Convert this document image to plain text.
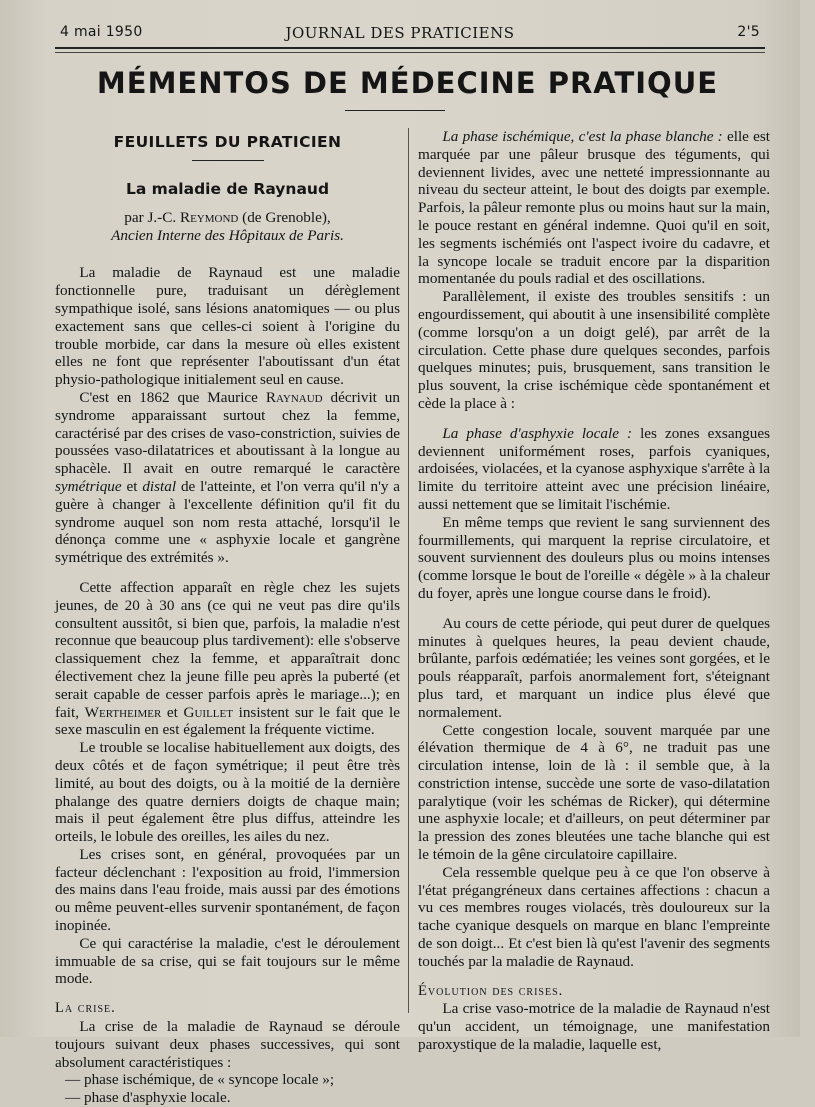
4 mai 1950	JOURNAL DES PRATICIENS	2'5
MÉMENTOS DE MÉDECINE PRATIQUE
FEUILLETS DU PRATICIEN
La maladie de Raynaud
par J.-C. Reymond (de Grenoble),
Ancien Interne des Hôpitaux de Paris.

La maladie de Raynaud est une maladie fonctionnelle pure, traduisant un dérèglement sympathique isolé, sans lésions anatomiques — ou plus exactement sans que celles-ci soient à l'origine du trouble morbide, car dans la mesure où elles existent elles ne font que représenter l'aboutissant d'un état physio-pathologique initialement seul en cause.

C'est en 1862 que Maurice Raynaud décrivit un syndrome apparaissant surtout chez la femme, caractérisé par des crises de vaso-constriction, suivies de poussées vaso-dilatatrices et aboutissant à la longue au sphacèle. Il avait en outre remarqué le caractère symétrique et distal de l'atteinte, et l'on verra qu'il n'y a guère à changer à l'excellente définition qu'il fit du syndrome auquel son nom resta attaché, lorsqu'il le dénonça comme une « asphyxie locale et gangrène symétrique des extrémités ».

Cette affection apparaît en règle chez les sujets jeunes, de 20 à 30 ans (ce qui ne veut pas dire qu'ils consultent aussitôt, si bien que, parfois, la maladie n'est reconnue que beaucoup plus tardivement): elle s'observe classiquement chez la femme, et apparaîtrait donc électivement chez la jeune fille peu après la puberté (et serait capable de cesser parfois après le mariage...); en fait, Wertheimer et Guillet insistent sur le fait que le sexe masculin en est également la fréquente victime.

Le trouble se localise habituellement aux doigts, des deux côtés et de façon symétrique; il peut être très limité, au bout des doigts, ou à la moitié de la dernière phalange des quatre derniers doigts de chaque main; mais il peut également être plus diffus, atteindre les orteils, le lobule des oreilles, les ailes du nez.

Les crises sont, en général, provoquées par un facteur déclenchant : l'exposition au froid, l'immersion des mains dans l'eau froide, mais aussi par des émotions ou même peuvent-elles survenir spontanément, de façon inopinée.

Ce qui caractérise la maladie, c'est le déroulement immuable de sa crise, qui se fait toujours sur le même mode.

La crise.

La crise de la maladie de Raynaud se déroule toujours suivant deux phases successives, qui sont absolument caractéristiques :

— phase ischémique, de « syncope locale »;
— phase d'asphyxie locale.

La phase ischémique, c'est la phase blanche : elle est marquée par une pâleur brusque des téguments, qui deviennent livides, avec une netteté impressionnante au niveau du secteur atteint, le bout des doigts par exemple. Parfois, la pâleur remonte plus ou moins haut sur la main, le pouce restant en général indemne. Quoi qu'il en soit, les segments ischémiés ont l'aspect ivoire du cadavre, et la syncope locale se traduit encore par la disparition momentanée du pouls radial et des oscillations.

Parallèlement, il existe des troubles sensitifs : un engourdissement, qui aboutit à une insensibilité complète (comme lorsqu'on a un doigt gelé), par arrêt de la circulation. Cette phase dure quelques secondes, parfois quelques minutes; puis, brusquement, sans transition le plus souvent, la crise ischémique cède spontanément et cède la place à :

La phase d'asphyxie locale : les zones exsangues deviennent uniformément roses, parfois cyaniques, ardoisées, violacées, et la cyanose asphyxique s'arrête à la limite du territoire atteint avec une précision linéaire, aussi nettement que se limitait l'ischémie.

En même temps que revient le sang surviennent des fourmillements, qui marquent la reprise circulatoire, et souvent surviennent des douleurs plus ou moins intenses (comme lorsque le bout de l'oreille « dégèle » à la chaleur du foyer, après une longue course dans le froid).

Au cours de cette période, qui peut durer de quelques minutes à quelques heures, la peau devient chaude, brûlante, parfois œdématiée; les veines sont gorgées, et le pouls réapparaît, parfois anormalement fort, s'éteignant plus tard, et marquant un indice plus élevé que normalement.

Cette congestion locale, souvent marquée par une élévation thermique de 4 à 6°, ne traduit pas une circulation intense, loin de là : il semble que, à la constriction intense, succède une sorte de vaso-dilatation paralytique (voir les schémas de Ricker), qui détermine une asphyxie locale; et d'ailleurs, on peut déterminer par la pression des zones bleutées une tache blanche qui est le témoin de la gêne circulatoire capillaire.

Cela ressemble quelque peu à ce que l'on observe à l'état prégangréneux dans certaines affections : chacun a vu ces membres rouges violacés, très douloureux sur la tache cyanique desquels on marque en blanc l'empreinte de son doigt... Et c'est bien là qu'est l'avenir des segments touchés par la maladie de Raynaud.

Évolution des crises.

La crise vaso-motrice de la maladie de Raynaud n'est qu'un accident, un témoignage, une manifestation paroxystique de la maladie, laquelle est,
